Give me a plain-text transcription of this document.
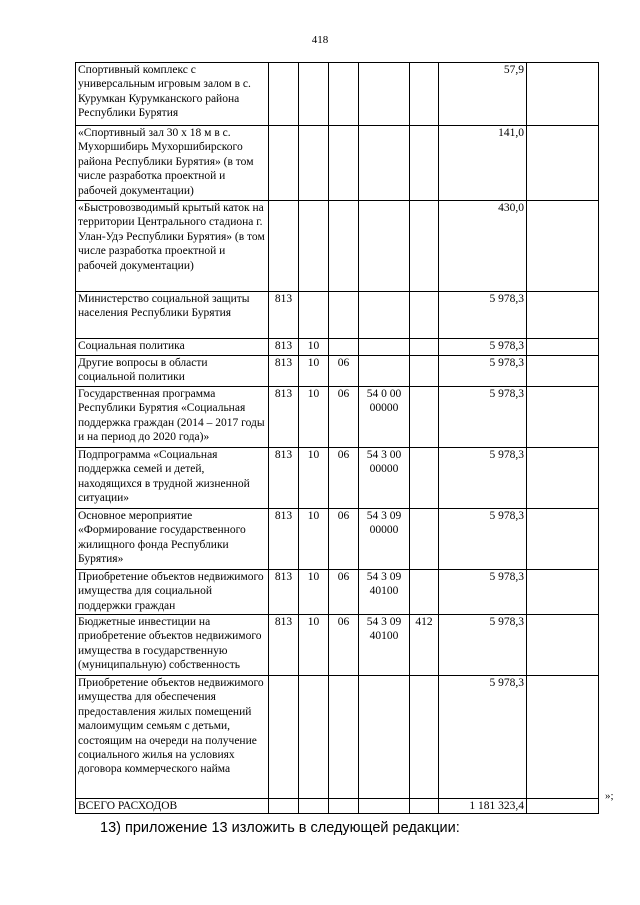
418
Спортивный комплекс с универсальным игровым залом в с. Курумкан Курумканского района Республики Бурятия						57,9	
«Спортивный зал 30 х 18 м в с. Мухоршибирь Мухоршибирского района Республики Бурятия» (в том числе разработка проектной и рабочей документации)						141,0	
«Быстровозводимый крытый каток на территории Центрального стадиона г. Улан-Удэ Республики Бурятия» (в том числе разработка проектной и рабочей документации)						430,0	
Министерство социальной защиты населения Республики Бурятия	813					5 978,3	
Социальная политика	813	10				5 978,3	
Другие вопросы в области социальной политики	813	10	06			5 978,3	
Государственная программа Республики Бурятия «Социальная поддержка граждан (2014 – 2017 годы и на период до 2020 года)»	813	10	06	54 0 00 00000		5 978,3	
Подпрограмма «Социальная поддержка семей и детей, находящихся в трудной жизненной ситуации»	813	10	06	54 3 00 00000		5 978,3	
Основное мероприятие «Формирование государственного жилищного фонда Республики Бурятия»	813	10	06	54 3 09 00000		5 978,3	
Приобретение объектов недвижимого имущества для социальной поддержки граждан	813	10	06	54 3 09 40100		5 978,3	
Бюджетные инвестиции на приобретение объектов недвижимого имущества в государственную (муниципальную) собственность	813	10	06	54 3 09 40100	412	5 978,3	
Приобретение объектов недвижимого имущества для обеспечения предоставления жилых помещений малоимущим семьям с детьми, состоящим на очереди на получение социального жилья на условиях договора коммерческого найма						5 978,3	
ВСЕГО РАСХОДОВ						1 181 323,4	
»;
13) приложение 13 изложить в следующей редакции:
